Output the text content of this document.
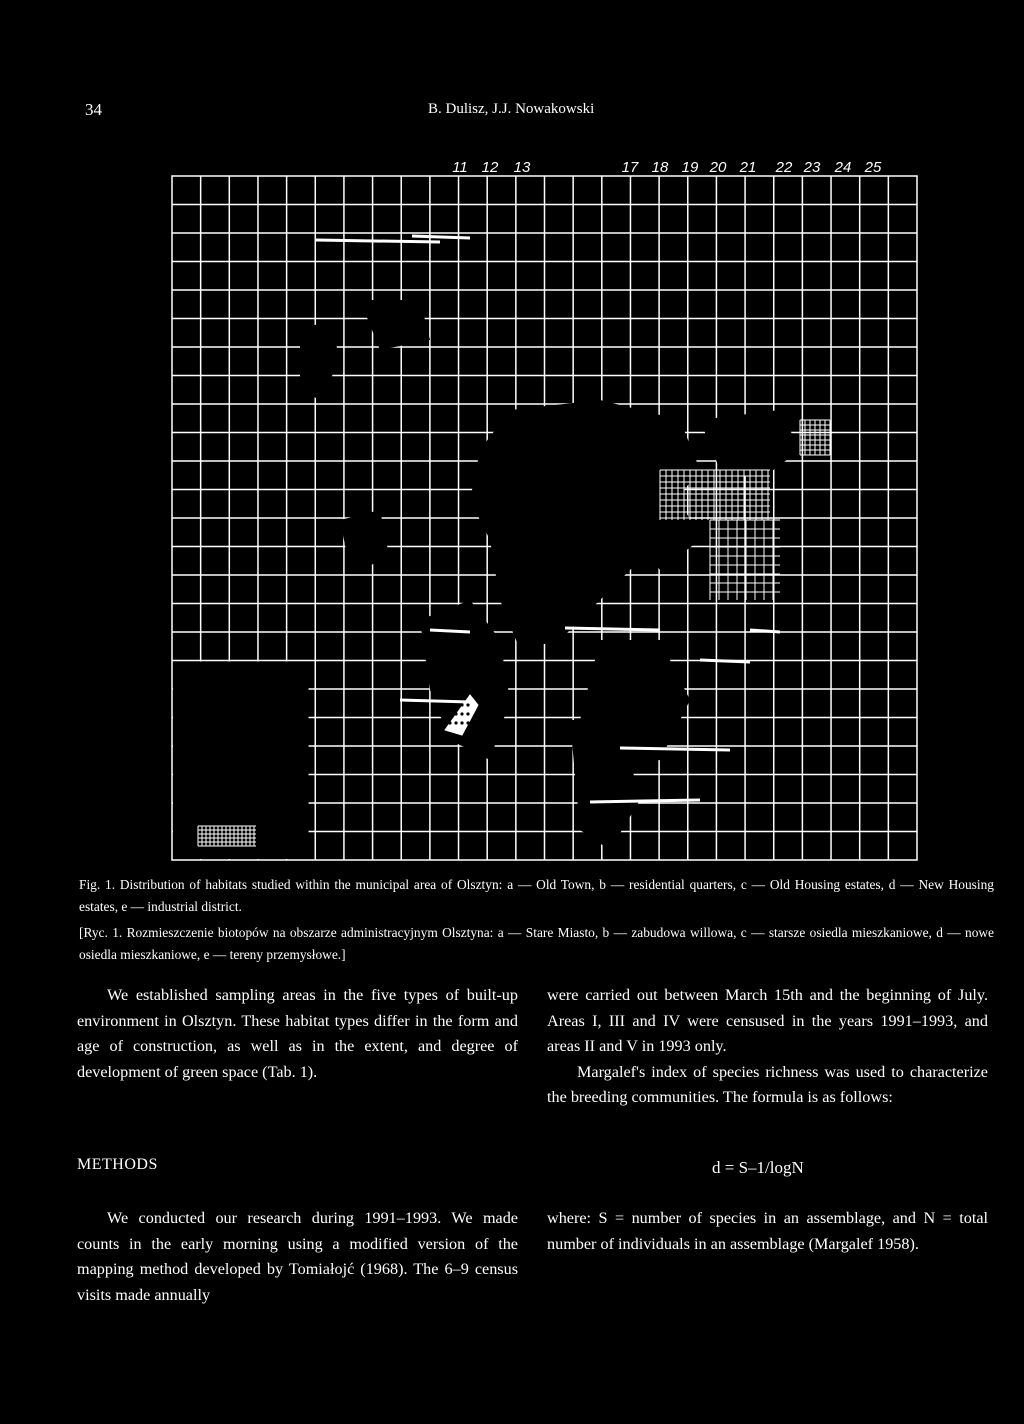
34	B. Dulisz, J.J. Nowakowski
11 12 13	17 18 19 20 21 22 23 24 25
Fig. 1. Distribution of habitats studied within the municipal area of Olsztyn: a — Old Town, b — residential quarters, c — Old Housing estates, d — New Housing estates, e — industrial district.
[Ryc. 1. Rozmieszczenie biotopów na obszarze administracyjnym Olsztyna: a — Stare Miasto, b — zabudowa willowa, c — starsze osiedla mieszkaniowe, d — nowe osiedla mieszkaniowe, e — tereny przemysłowe.]

We established sampling areas in the five types of built-up environment in Olsztyn. These habitat types differ in the form and age of construction, as well as in the extent, and degree of development of green space (Tab. 1).

METHODS

We conducted our research during 1991–1993. We made counts in the early morning using a modified version of the mapping method developed by Tomiałojć (1968). The 6–9 census visits made annually

were carried out between March 15th and the beginning of July. Areas I, III and IV were censused in the years 1991–1993, and areas II and V in 1993 only.

Margalef's index of species richness was used to characterize the breeding communities. The formula is as follows:

d = S–1/logN

where: S = number of species in an assemblage, and N = total number of individuals in an assemblage (Margalef 1958).
